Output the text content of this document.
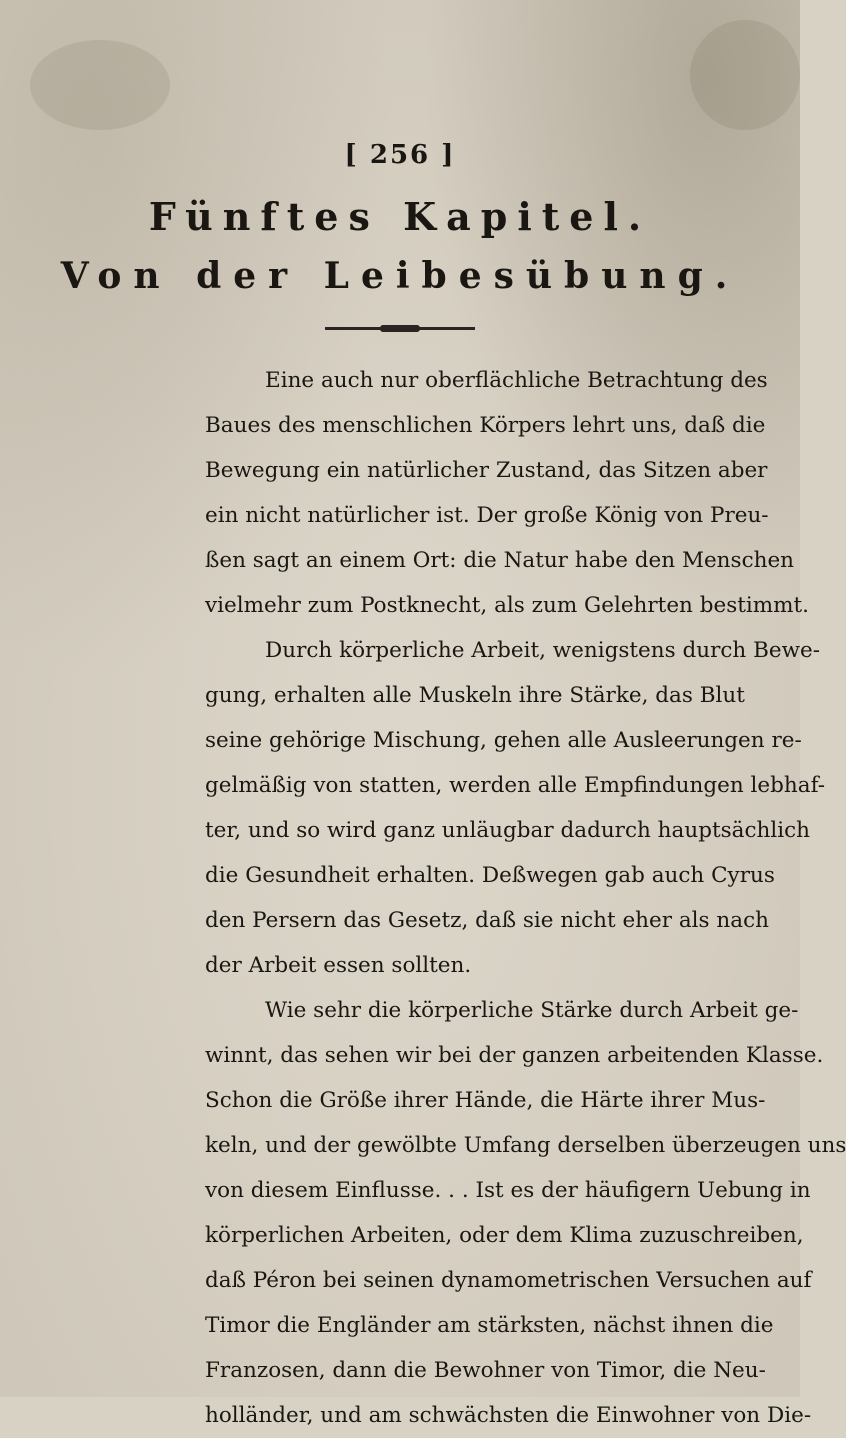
[ 256 ]
Fünftes Kapitel.
Von der Leibesübung.
Eine auch nur oberflächliche Betrachtung des
Baues des menschlichen Körpers lehrt uns, daß die
Bewegung ein natürlicher Zustand, das Sitzen aber
ein nicht natürlicher ist. Der große König von Preu-
ßen sagt an einem Ort: die Natur habe den Menschen
vielmehr zum Postknecht, als zum Gelehrten bestimmt.
Durch körperliche Arbeit, wenigstens durch Bewe-
gung, erhalten alle Muskeln ihre Stärke, das Blut
seine gehörige Mischung, gehen alle Ausleerungen re-
gelmäßig von statten, werden alle Empfindungen lebhaf-
ter, und so wird ganz unläugbar dadurch hauptsächlich
die Gesundheit erhalten. Deßwegen gab auch Cyrus
den Persern das Gesetz, daß sie nicht eher als nach
der Arbeit essen sollten.
Wie sehr die körperliche Stärke durch Arbeit ge-
winnt, das sehen wir bei der ganzen arbeitenden Klasse.
Schon die Größe ihrer Hände, die Härte ihrer Mus-
keln, und der gewölbte Umfang derselben überzeugen uns
von diesem Einflusse. . . Ist es der häufigern Uebung in
körperlichen Arbeiten, oder dem Klima zuzuschreiben,
daß Péron bei seinen dynamometrischen Versuchen auf
Timor die Engländer am stärksten, nächst ihnen die
Franzosen, dann die Bewohner von Timor, die Neu-
holländer, und am schwächsten die Einwohner von Die-
